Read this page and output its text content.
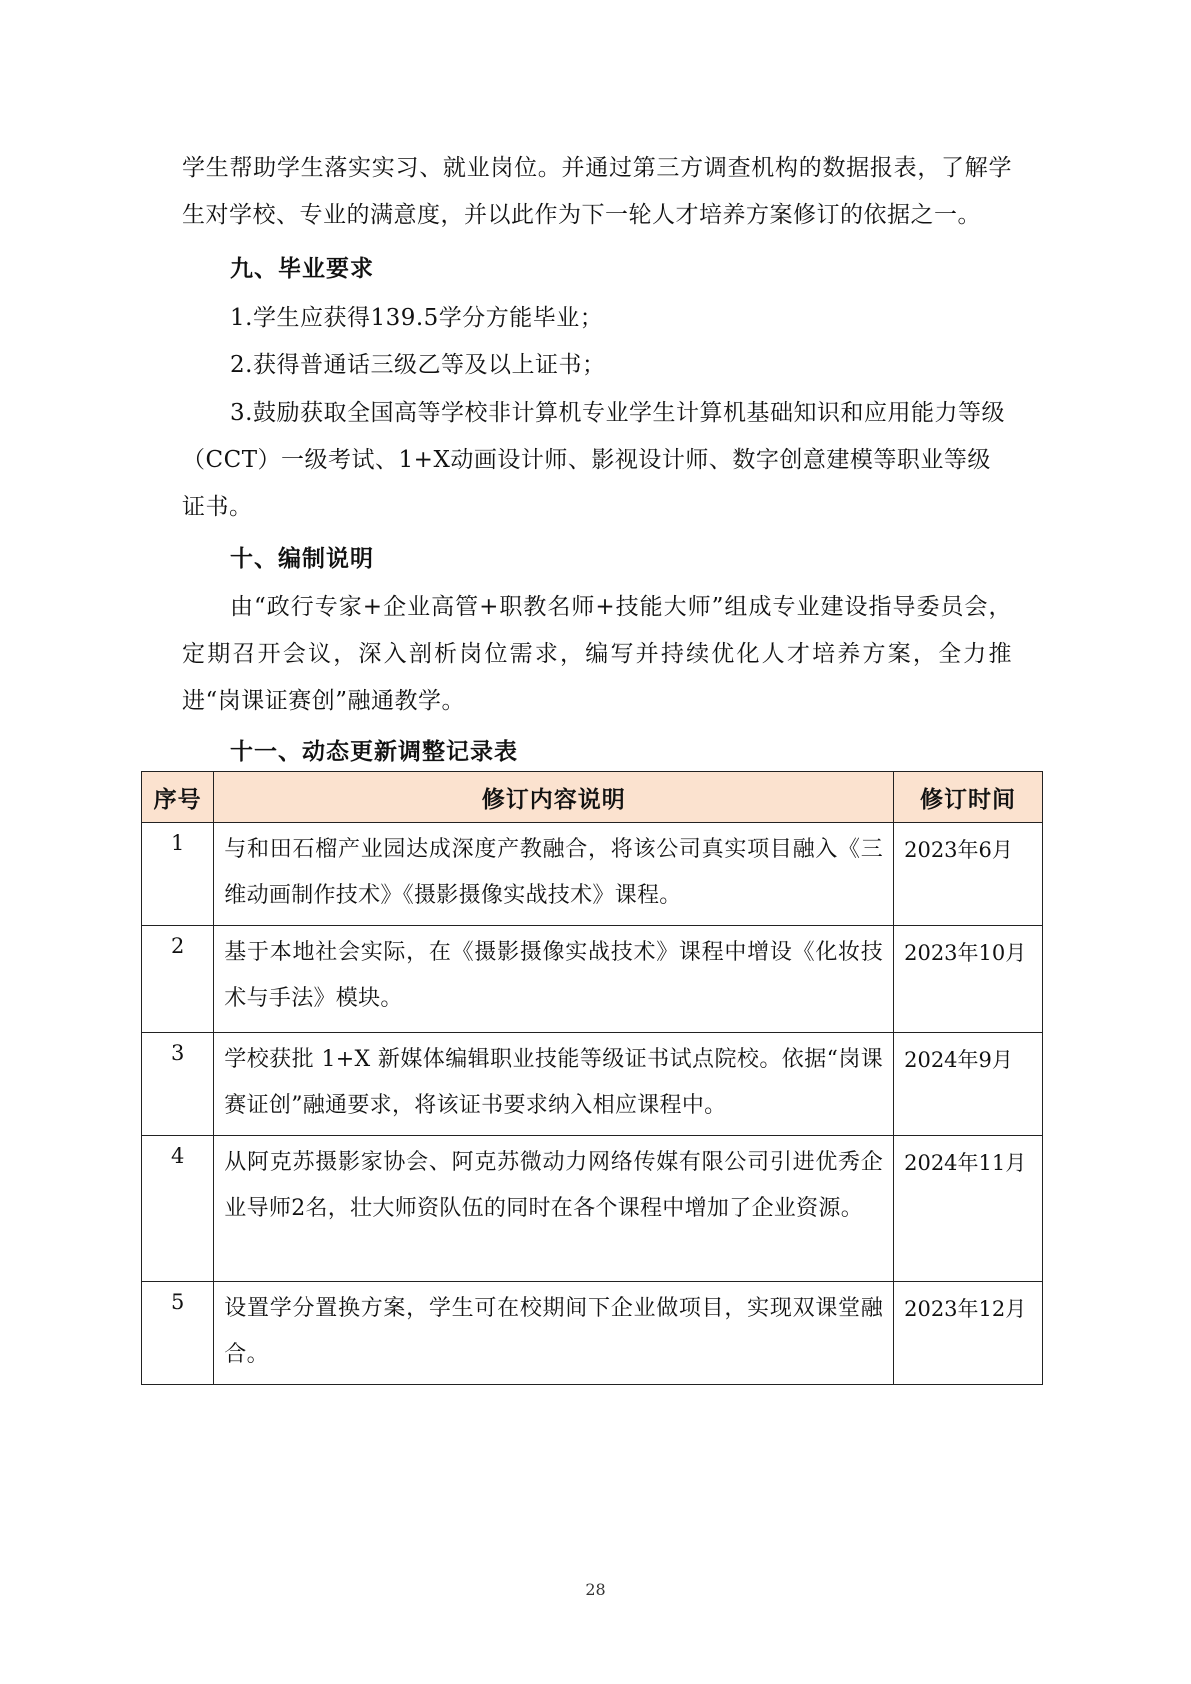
学生帮助学生落实实习、就业岗位。并通过第三方调查机构的数据报表，了解学生对学校、专业的满意度，并以此作为下一轮人才培养方案修订的依据之一。

九、毕业要求

1.学生应获得139.5学分方能毕业；

2.获得普通话三级乙等及以上证书；

3.鼓励获取全国高等学校非计算机专业学生计算机基础知识和应用能力等级（CCT）一级考试、1+X动画设计师、影视设计师、数字创意建模等职业等级证书。

十、编制说明

由“政行专家+企业高管+职教名师+技能大师”组成专业建设指导委员会，定期召开会议，深入剖析岗位需求，编写并持续优化人才培养方案，全力推进“岗课证赛创”融通教学。

十一、动态更新调整记录表
序号	修订内容说明	修订时间
1	与和田石榴产业园达成深度产教融合，将该公司真实项目融入《三维动画制作技术》《摄影摄像实战技术》课程。	2023年6月
2	基于本地社会实际，在《摄影摄像实战技术》课程中增设《化妆技术与手法》模块。	2023年10月
3	学校获批 1+X 新媒体编辑职业技能等级证书试点院校。依据“岗课赛证创”融通要求，将该证书要求纳入相应课程中。	2024年9月
4	从阿克苏摄影家协会、阿克苏微动力网络传媒有限公司引进优秀企业导师2名，壮大师资队伍的同时在各个课程中增加了企业资源。	2024年11月
5	设置学分置换方案，学生可在校期间下企业做项目，实现双课堂融合。	2023年12月
28
